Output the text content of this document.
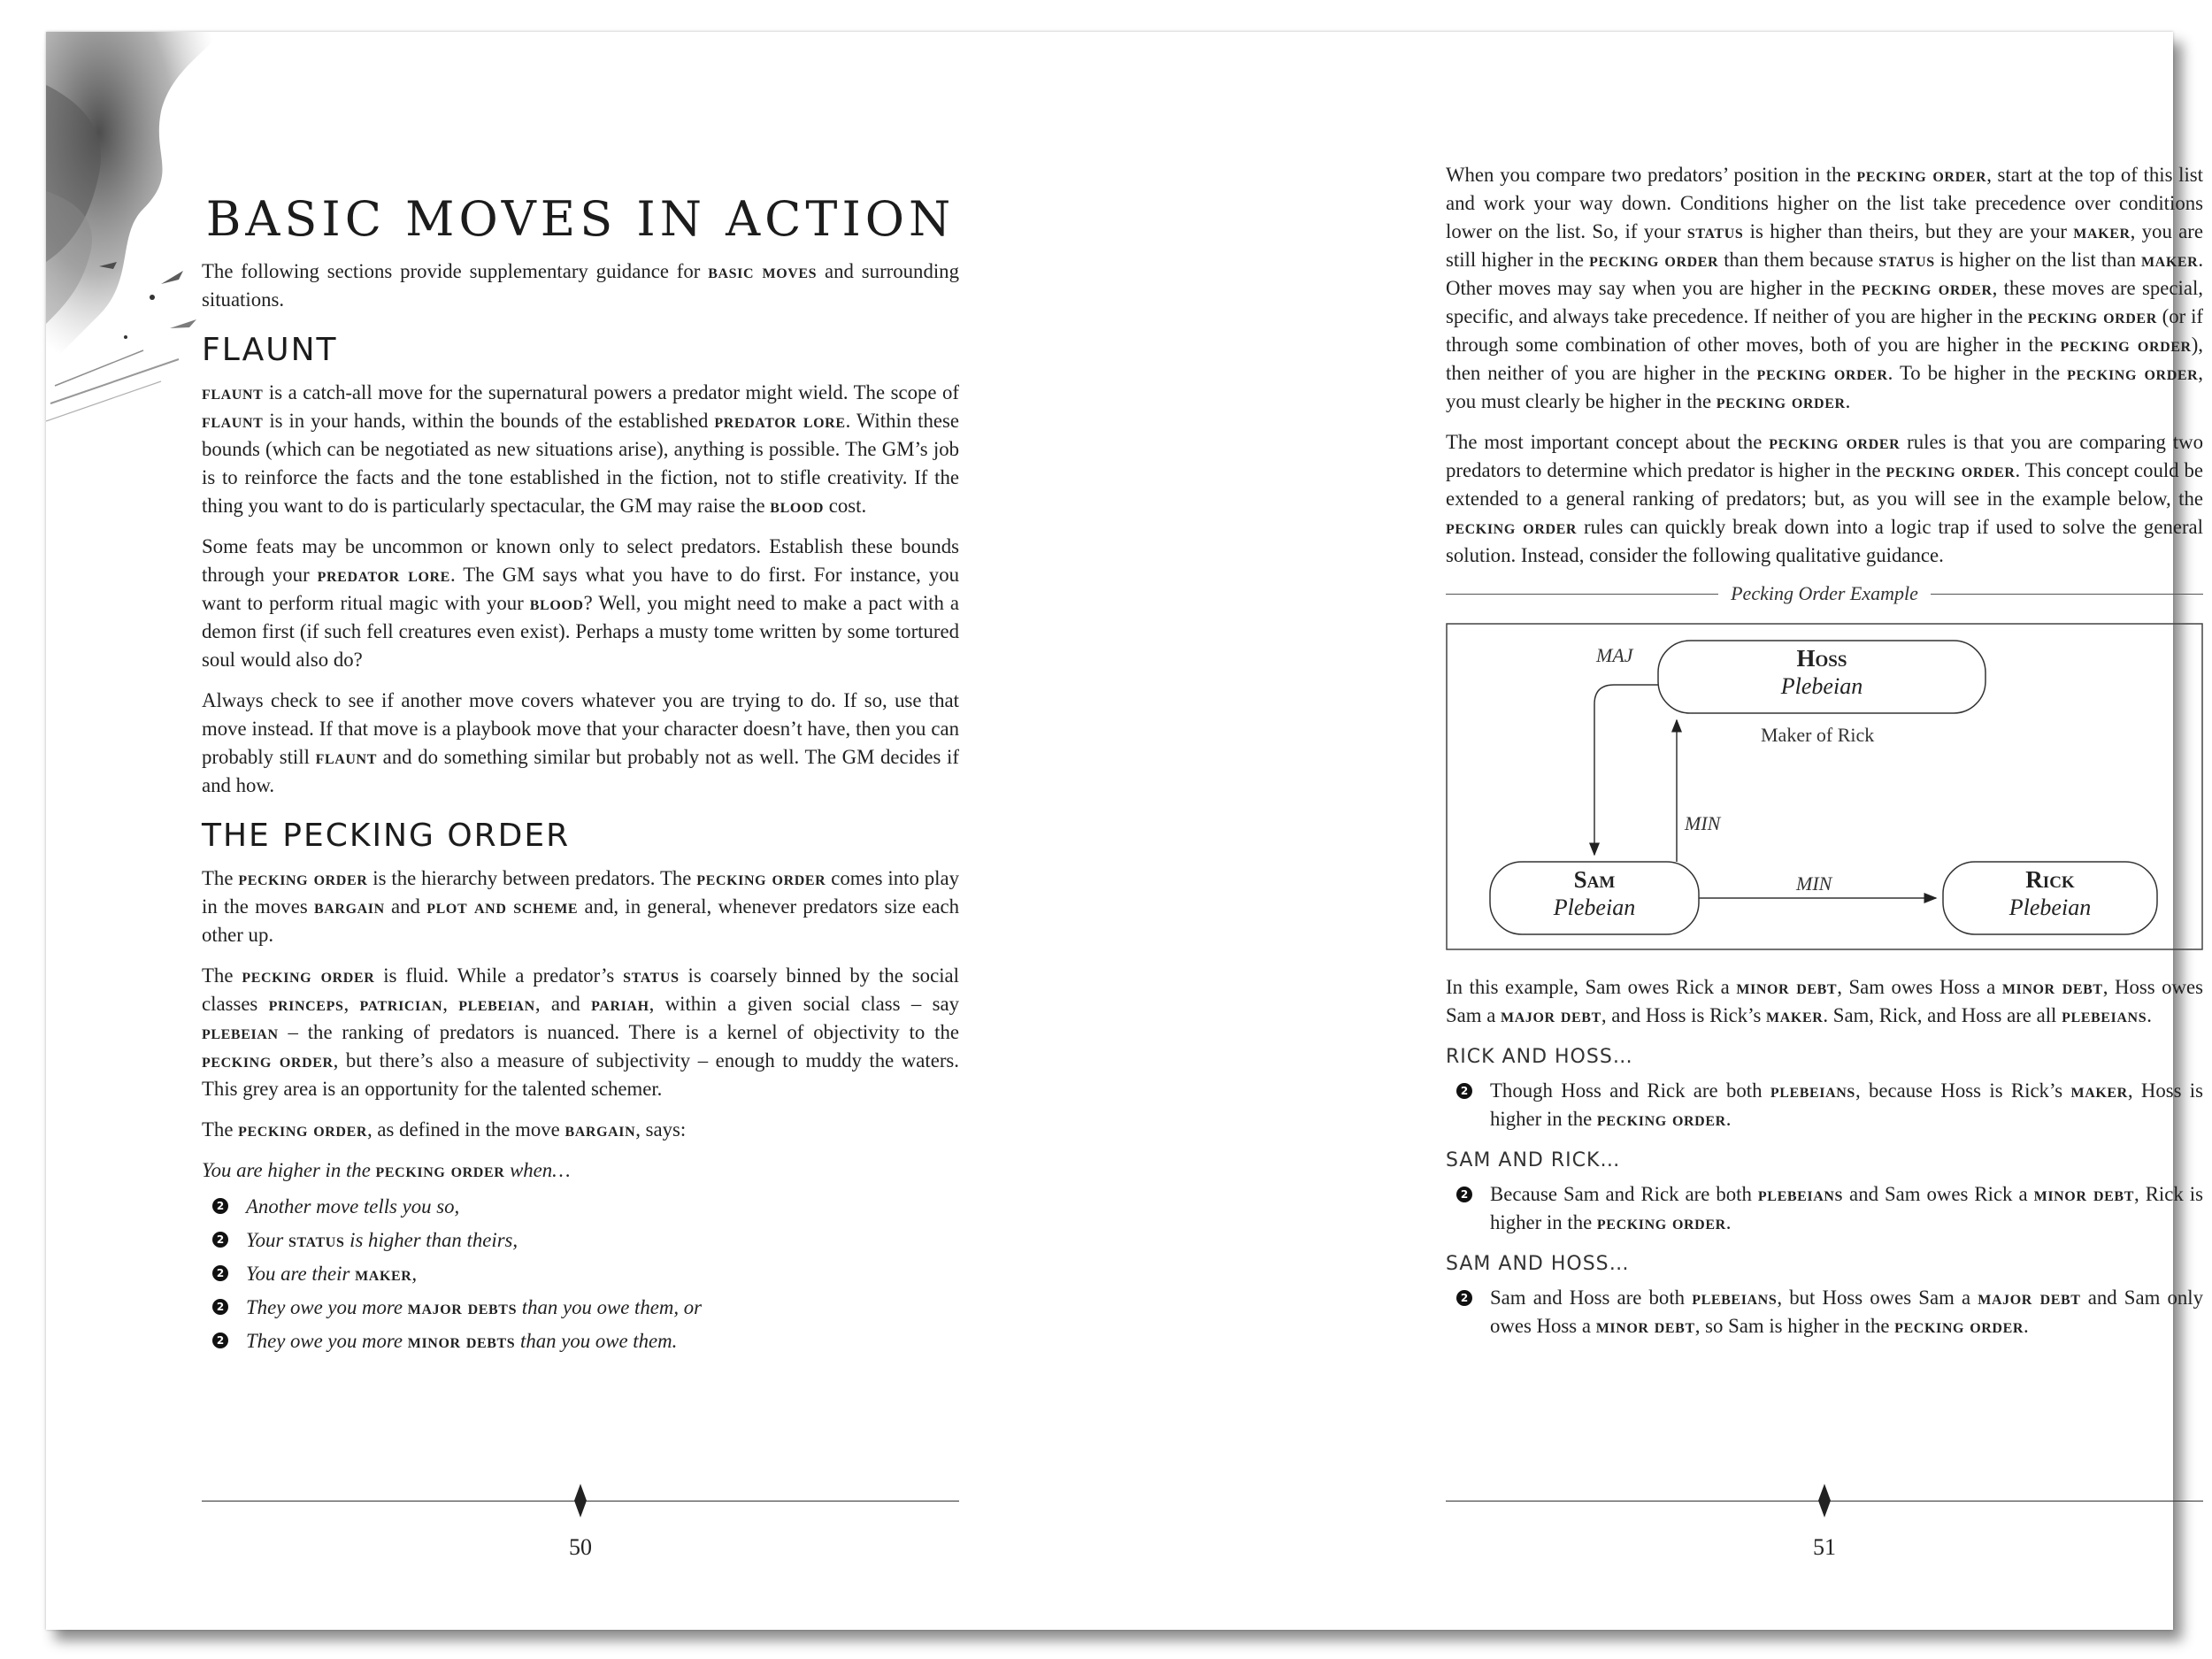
BASIC MOVES IN ACTION

The following sections provide supplementary guidance for basic moves and surrounding situations.

FLAUNT

flaunt is a catch-all move for the supernatural powers a predator might wield. The scope of flaunt is in your hands, within the bounds of the established predator lore. Within these bounds (which can be negotiated as new situations arise), anything is possible. The GM’s job is to reinforce the facts and the tone established in the fiction, not to stifle creativity. If the thing you want to do is particularly spectacular, the GM may raise the blood cost.

Some feats may be uncommon or known only to select predators. Establish these bounds through your predator lore. The GM says what you have to do first. For instance, you want to perform ritual magic with your blood? Well, you might need to make a pact with a demon first (if such fell creatures even exist). Perhaps a musty tome written by some tortured soul would also do?

Always check to see if another move covers whatever you are trying to do. If so, use that move instead. If that move is a playbook move that your character doesn’t have, then you can probably still flaunt and do something similar but probably not as well. The GM decides if and how.

THE PECKING ORDER

The pecking order is the hierarchy between predators. The pecking order comes into play in the moves bargain and plot and scheme and, in general, whenever predators size each other up.

The pecking order is fluid. While a predator’s status is coarsely binned by the social classes princeps, patrician, plebeian, and pariah, within a given social class – say plebeian – the ranking of predators is nuanced. There is a kernel of objectivity to the pecking order, but there’s also a measure of subjectivity – enough to muddy the waters. This grey area is an opportunity for the talented schemer.

The pecking order, as defined in the move bargain, says:

You are higher in the pecking order when…

2 Another move tells you so,
2 Your status is higher than theirs,
2 You are their maker,
2 They owe you more major debts than you owe them, or
2 They owe you more minor debts than you owe them.
50

When you compare two predators’ position in the pecking order, start at the top of this list and work your way down. Conditions higher on the list take precedence over conditions lower on the list. So, if your status is higher than theirs, but they are your maker, you are still higher in the pecking order than them because status is higher on the list than maker. Other moves may say when you are higher in the pecking order, these moves are special, specific, and always take precedence. If neither of you are higher in the pecking order (or if through some combination of other moves, both of you are higher in the pecking order), then neither of you are higher in the pecking order. To be higher in the pecking order, you must clearly be higher in the pecking order.

The most important concept about the pecking order rules is that you are comparing two predators to determine which predator is higher in the pecking order. This concept could be extended to a general ranking of predators; but, as you will see in the example below, the pecking order rules can quickly break down into a logic trap if used to solve the general solution. Instead, consider the following qualitative guidance.

Pecking Order Example
Hoss
Plebeian
Maker of Rick
Sam
Plebeian
Rick
Plebeian
MAJ
MIN
MIN

In this example, Sam owes Rick a minor debt, Sam owes Hoss a minor debt, Hoss owes Sam a major debt, and Hoss is Rick’s maker. Sam, Rick, and Hoss are all plebeians.

RICK AND HOSS…
2 Though Hoss and Rick are both plebeians, because Hoss is Rick’s maker, Hoss is higher in the pecking order.
SAM AND RICK…
2 Because Sam and Rick are both plebeians and Sam owes Rick a minor debt, Rick is higher in the pecking order.
SAM AND HOSS…
2 Sam and Hoss are both plebeians, but Hoss owes Sam a major debt and Sam only owes Hoss a minor debt, so Sam is higher in the pecking order.
51
